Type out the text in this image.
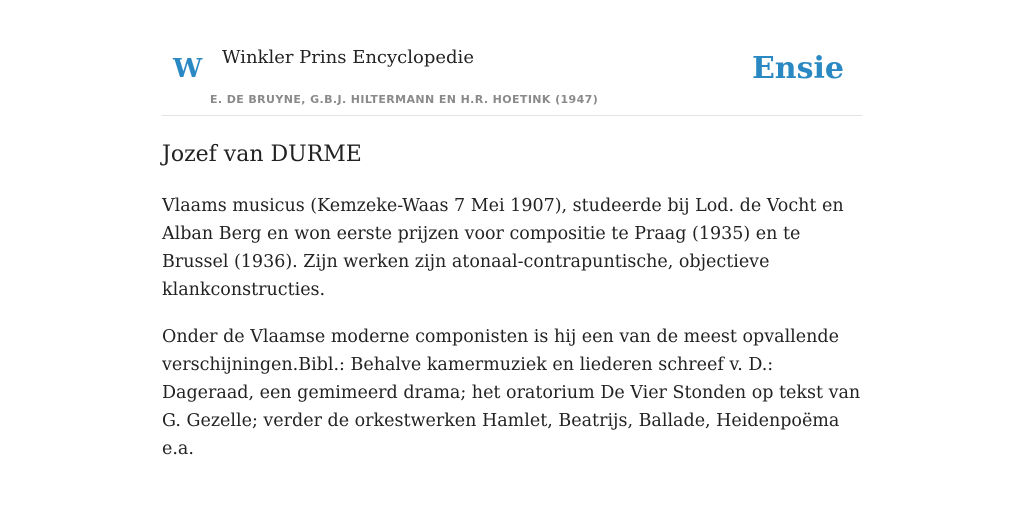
W Winkler Prins Encyclopedie
E. DE BRUYNE, G.B.J. HILTERMANN EN H.R. HOETINK (1947)
Ensie
Jozef van DURME

Vlaams musicus (Kemzeke-Waas 7 Mei 1907), studeerde bij Lod. de Vocht en Alban Berg en won eerste prijzen voor compositie te Praag (1935) en te Brussel (1936). Zijn werken zijn atonaal-contrapuntische, objectieve klankconstructies.

Onder de Vlaamse moderne componisten is hij een van de meest opvallende verschijningen.Bibl.: Behalve kamermuziek en liederen schreef v. D.: Dageraad, een gemimeerd drama; het oratorium De Vier Stonden op tekst van G. Gezelle; verder de orkestwerken Hamlet, Beatrijs, Ballade, Heidenpoëma e.a.
